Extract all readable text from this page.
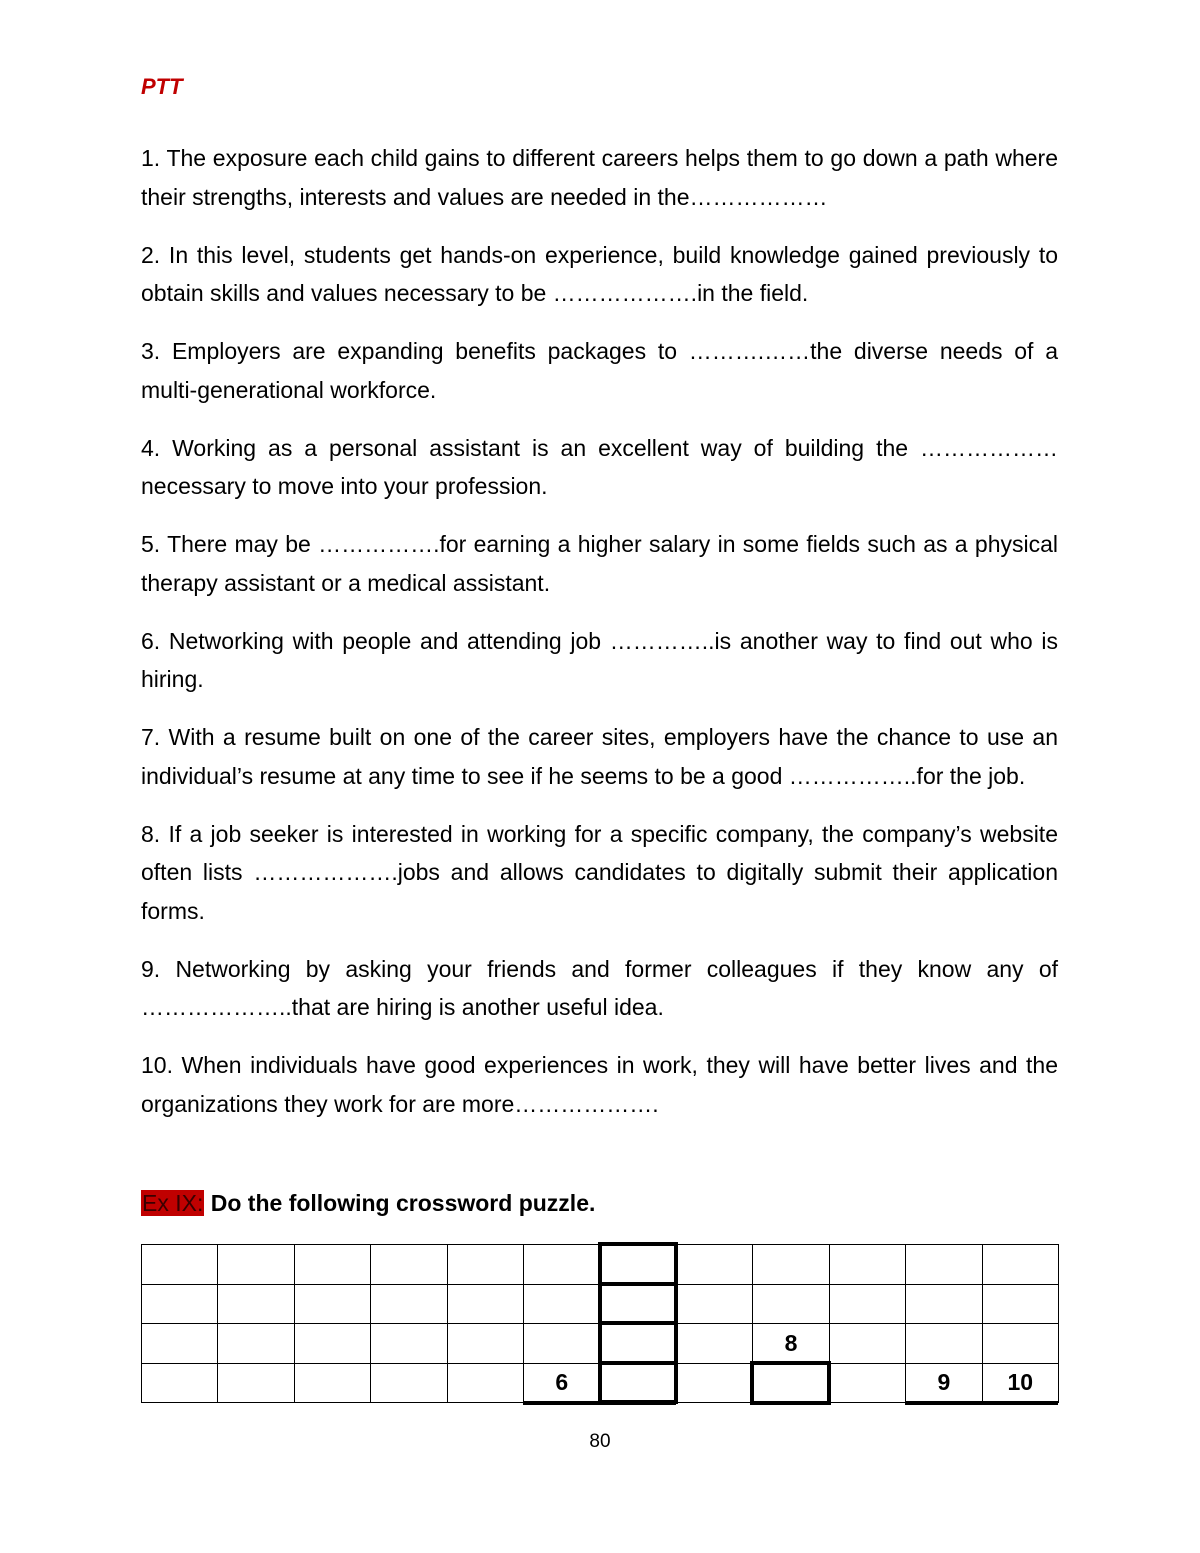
PTT

1. The exposure each child gains to different careers helps them to go down a path where their strengths, interests and values are needed in the………………

2. In this level, students get hands-on experience, build knowledge gained previously to obtain skills and values necessary to be ……………….in the field.

3. Employers are expanding benefits packages to ……….……the diverse needs of a multi-generational workforce.

4. Working as a personal assistant is an excellent way of building the ………………necessary to move into your profession.

5. There may be …………….for earning a higher salary in some fields such as a physical therapy assistant or a medical assistant.

6. Networking with people and attending job …………..is another way to find out who is hiring.

7. With a resume built on one of the career sites, employers have the chance to use an individual’s resume at any time to see if he seems to be a good ……………..for the job.

8. If a job seeker is interested in working for a specific company, the company’s website often lists ……………….jobs and allows candidates to digitally submit their application forms.

9. Networking by asking your friends and former colleagues if they know any of ………………..that are hiring is another useful idea.

10. When individuals have good experiences in work, they will have better lives and the organizations they work for are more……………….

Ex IX: Do the following crossword puzzle.
8
6	9 10
80
